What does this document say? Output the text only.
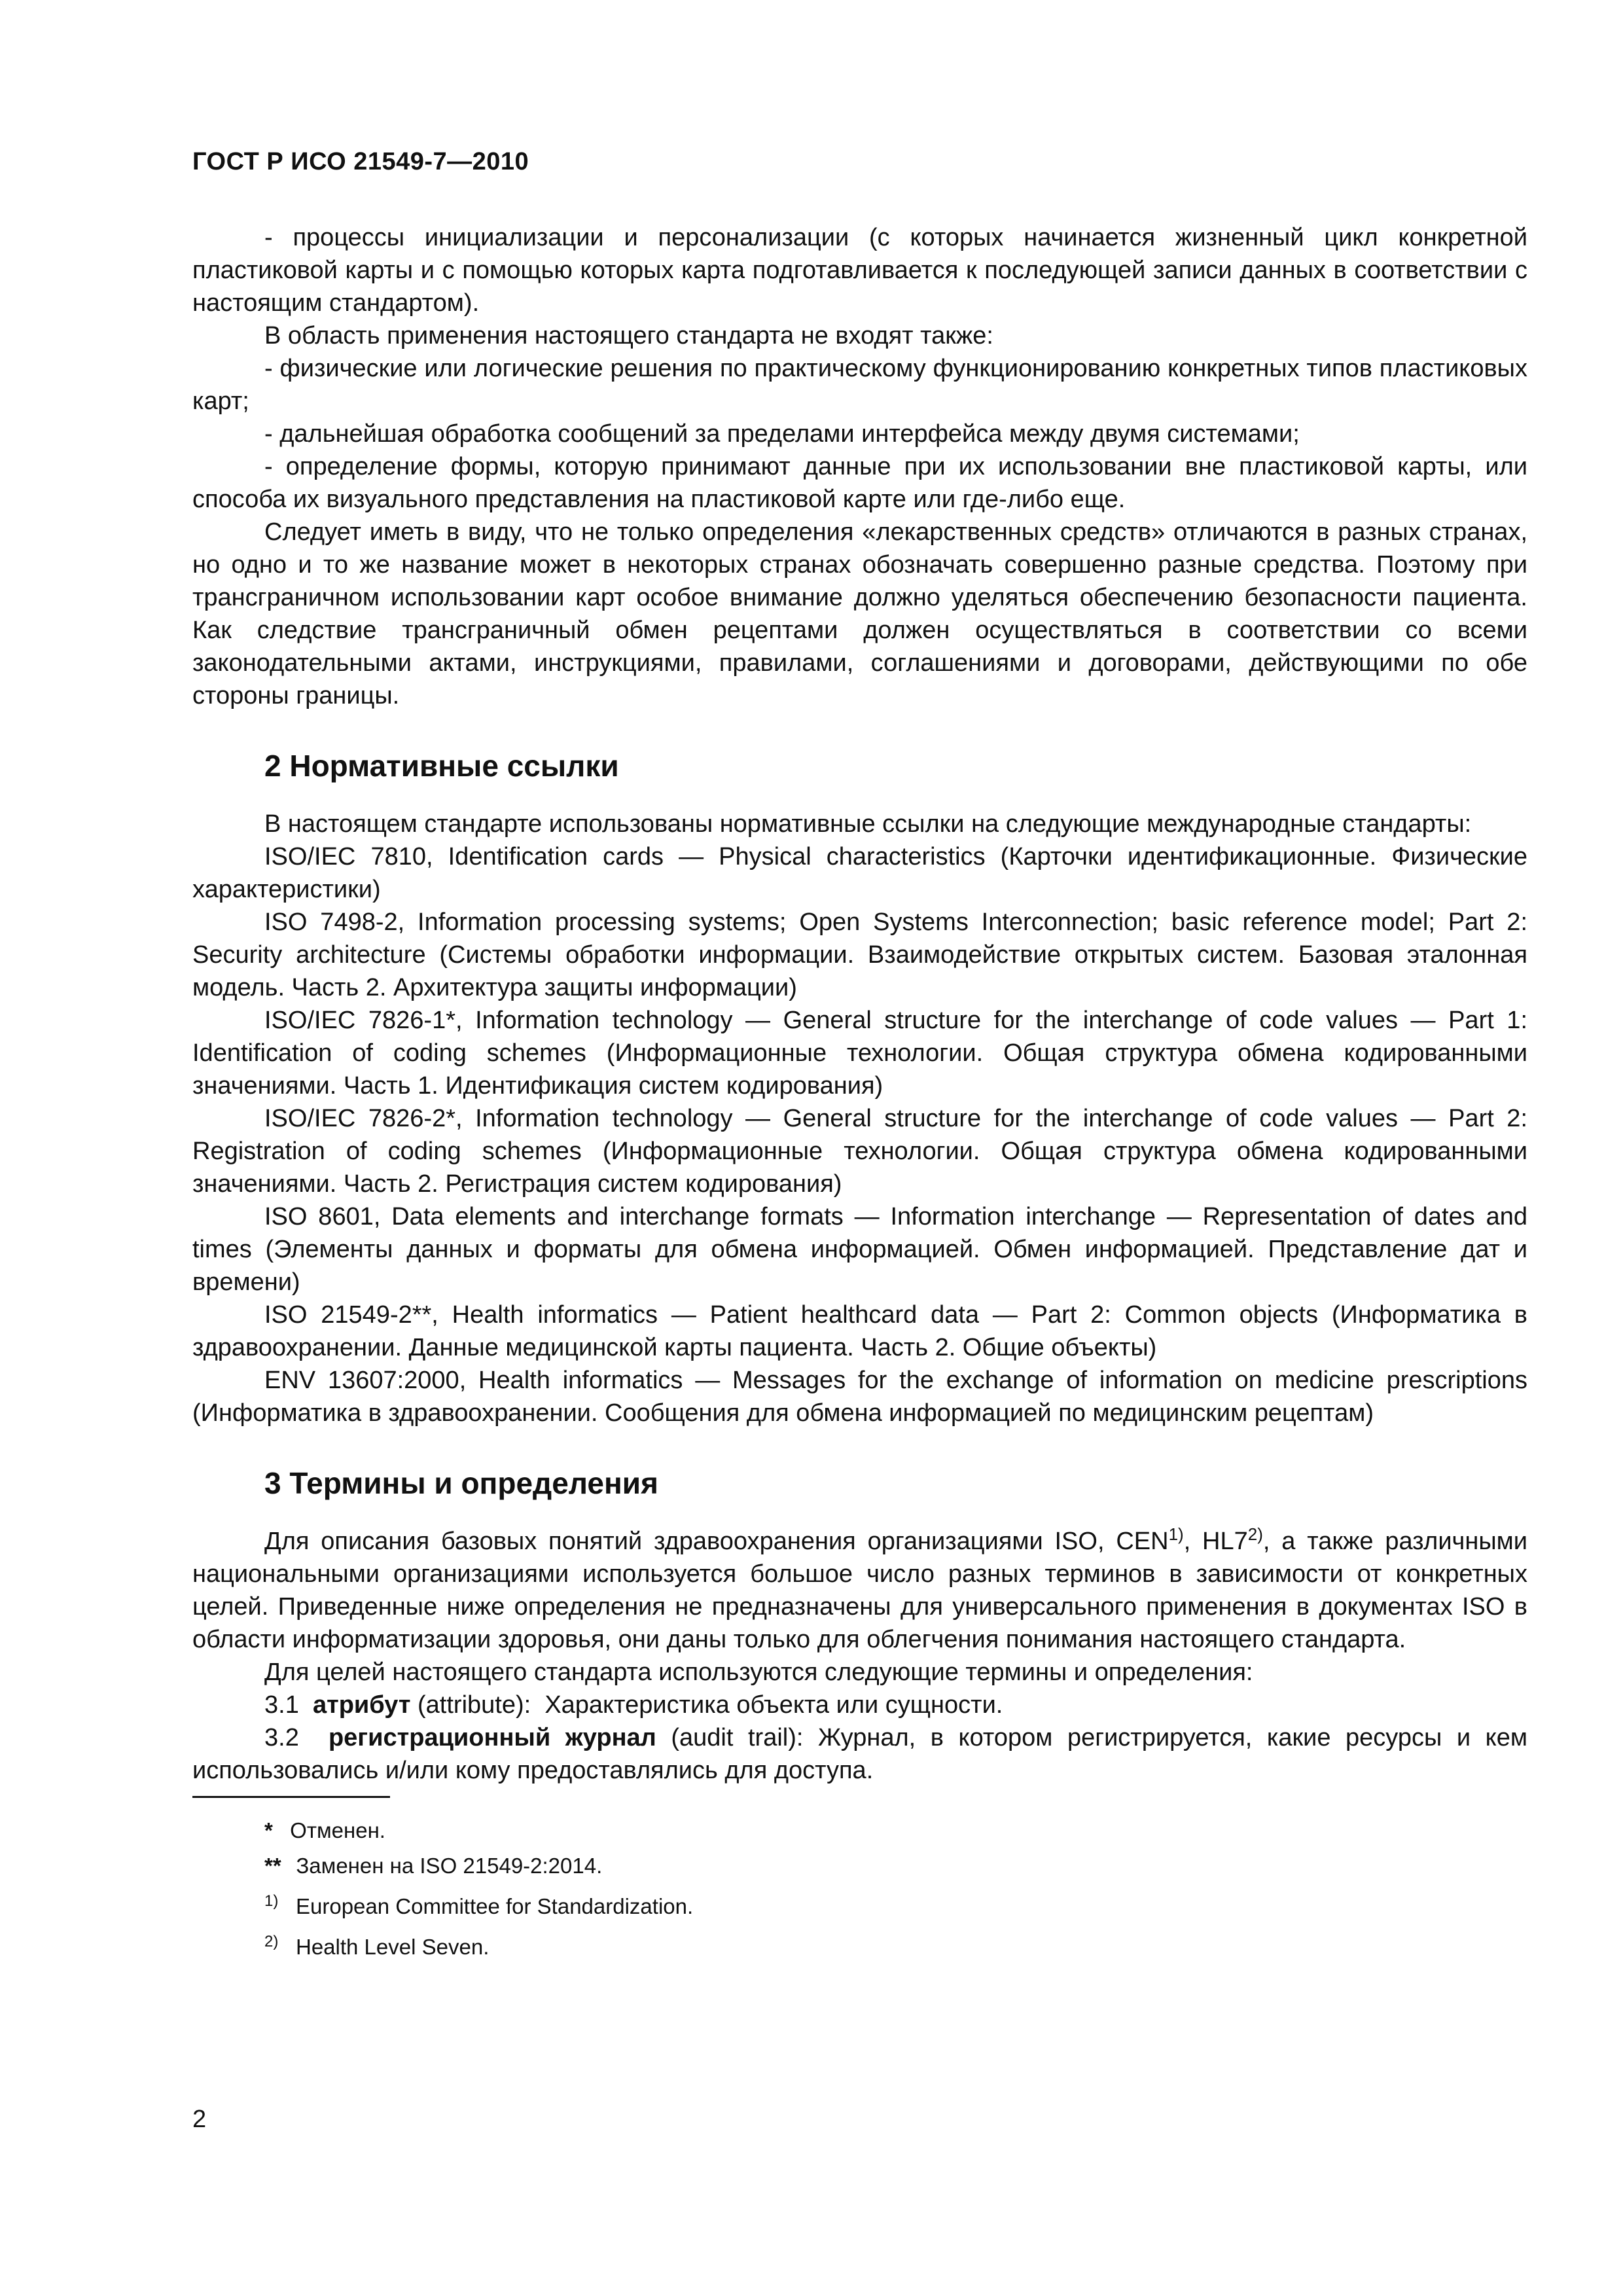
ГОСТ Р ИСО 21549-7—2010

- процессы инициализации и персонализации (с которых начинается жизненный цикл конкретной пластиковой карты и с помощью которых карта подготавливается к последующей записи данных в соответствии с настоящим стандартом).

В область применения настоящего стандарта не входят также:

- физические или логические решения по практическому функционированию конкретных типов пластиковых карт;

- дальнейшая обработка сообщений за пределами интерфейса между двумя системами;

- определение формы, которую принимают данные при их использовании вне пластиковой карты, или способа их визуального представления на пластиковой карте или где-либо еще.

Следует иметь в виду, что не только определения «лекарственных средств» отличаются в разных странах, но одно и то же название может в некоторых странах обозначать совершенно разные средства. Поэтому при трансграничном использовании карт особое внимание должно уделяться обеспечению безопасности пациента. Как следствие трансграничный обмен рецептами должен осуществляться в соответствии со всеми законодательными актами, инструкциями, правилами, соглашениями и договорами, действующими по обе стороны границы.

2 Нормативные ссылки

В настоящем стандарте использованы нормативные ссылки на следующие международные стандарты:

ISO/IEC 7810, Identification cards — Physical characteristics (Карточки идентификационные. Физические характеристики)

ISO 7498-2, Information processing systems; Open Systems Interconnection; basic reference model; Part 2: Security architecture (Системы обработки информации. Взаимодействие открытых систем. Базовая эталонная модель. Часть 2. Архитектура защиты информации)

ISO/IEC 7826-1*, Information technology — General structure for the interchange of code values — Part 1: Identification of coding schemes (Информационные технологии. Общая структура обмена кодированными значениями. Часть 1. Идентификация систем кодирования)

ISO/IEC 7826-2*, Information technology — General structure for the interchange of code values — Part 2: Registration of coding schemes (Информационные технологии. Общая структура обмена кодированными значениями. Часть 2. Регистрация систем кодирования)

ISO 8601, Data elements and interchange formats — Information interchange — Representation of dates and times (Элементы данных и форматы для обмена информацией. Обмен информацией. Представление дат и времени)

ISO 21549-2**, Health informatics — Patient healthcard data — Part 2: Common objects (Информатика в здравоохранении. Данные медицинской карты пациента. Часть 2. Общие объекты)

ENV 13607:2000, Health informatics — Messages for the exchange of information on medicine prescriptions (Информатика в здравоохранении. Сообщения для обмена информацией по медицинским рецептам)

3 Термины и определения

Для описания базовых понятий здравоохранения организациями ISO, CEN$^{1)}$, HL7$^{2)}$, а также различными национальными организациями используется большое число разных терминов в зависимости от конкретных целей. Приведенные ниже определения не предназначены для универсального применения в документах ISO в области информатизации здоровья, они даны только для облегчения понимания настоящего стандарта.

Для целей настоящего стандарта используются следующие термины и определения:

3.1 атрибут (attribute): Характеристика объекта или сущности.

3.2 регистрационный журнал (audit trail): Журнал, в котором регистрируется, какие ресурсы и кем использовались и/или кому предоставлялись для доступа.

* Отменен.
** Заменен на ISO 21549-2:2014.
1) European Committee for Standardization.
2) Health Level Seven.
2
